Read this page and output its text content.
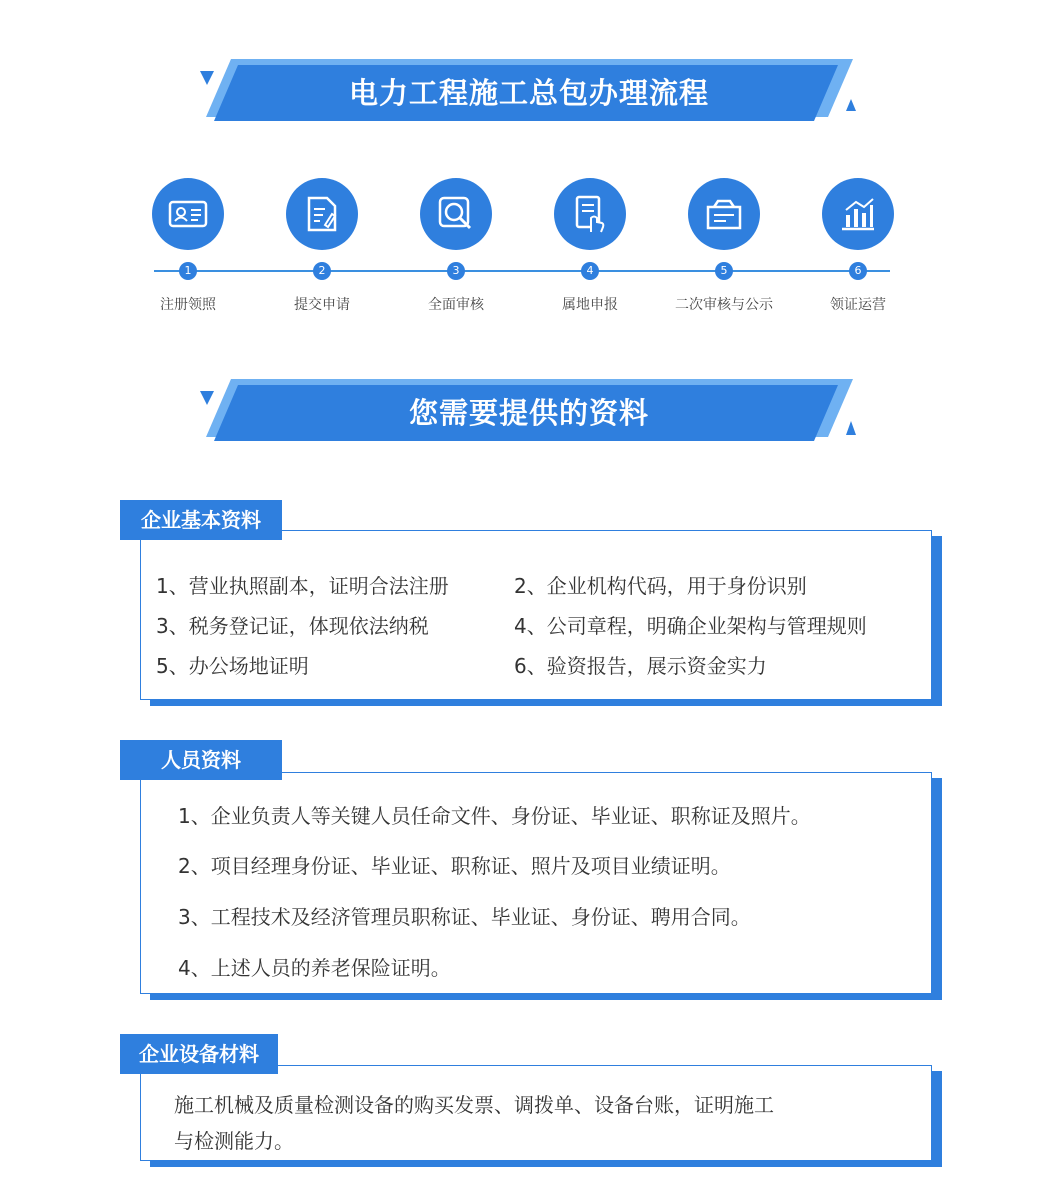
电力工程施工总包办理流程
1
注册领照
2
提交申请
3
全面审核
4
属地申报
5
二次审核与公示
6
领证运营
您需要提供的资料
1、营业执照副本，证明合法注册	2、企业机构代码，用于身份识别
3、税务登记证，体现依法纳税	4、公司章程，明确企业架构与管理规则
5、办公场地证明	6、验资报告，展示资金实力
企业基本资料
1、企业负责人等关键人员任命文件、身份证、毕业证、职称证及照片。
2、项目经理身份证、毕业证、职称证、照片及项目业绩证明。
3、工程技术及经济管理员职称证、毕业证、身份证、聘用合同。
4、上述人员的养老保险证明。
人员资料
施工机械及质量检测设备的购买发票、调拨单、设备台账，证明施工
与检测能力。
企业设备材料
